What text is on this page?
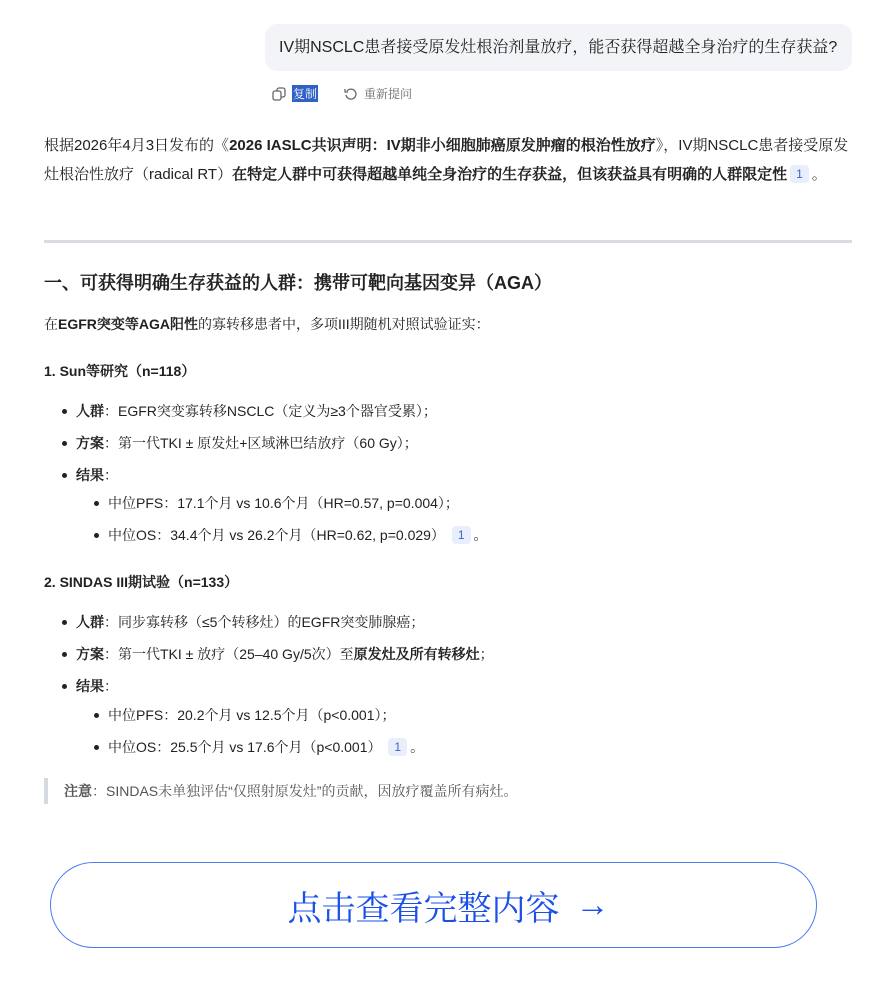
IV期NSCLC患者接受原发灶根治剂量放疗，能否获得超越全身治疗的生存获益?
复制	重新提问
根据2026年4月3日发布的《2026 IASLC共识声明：IV期非小细胞肺癌原发肿瘤的根治性放疗》，IV期NSCLC患者接受原发灶根治性放疗（radical RT）在特定人群中可获得超越单纯全身治疗的生存获益，但该获益具有明确的人群限定性 1 。
一、可获得明确生存获益的人群：携带可靶向基因变异（AGA）
在EGFR突变等AGA阳性的寡转移患者中，多项III期随机对照试验证实：
1. Sun等研究（n=118）
人群：EGFR突变寡转移NSCLC（定义为≥3个器官受累）；
方案：第一代TKI ± 原发灶+区域淋巴结放疗（60 Gy）；
结果：
中位PFS：17.1个月 vs 10.6个月（HR=0.57, p=0.004）；
中位OS：34.4个月 vs 26.2个月（HR=0.62, p=0.029） 1 。
2. SINDAS III期试验（n=133）
人群：同步寡转移（≤5个转移灶）的EGFR突变肺腺癌；
方案：第一代TKI ± 放疗（25–40 Gy/5次）至原发灶及所有转移灶；
结果：
中位PFS：20.2个月 vs 12.5个月（p<0.001）；
中位OS：25.5个月 vs 17.6个月（p<0.001） 1 。
注意：SINDAS未单独评估“仅照射原发灶”的贡献，因放疗覆盖所有病灶。
点击查看完整内容 →
